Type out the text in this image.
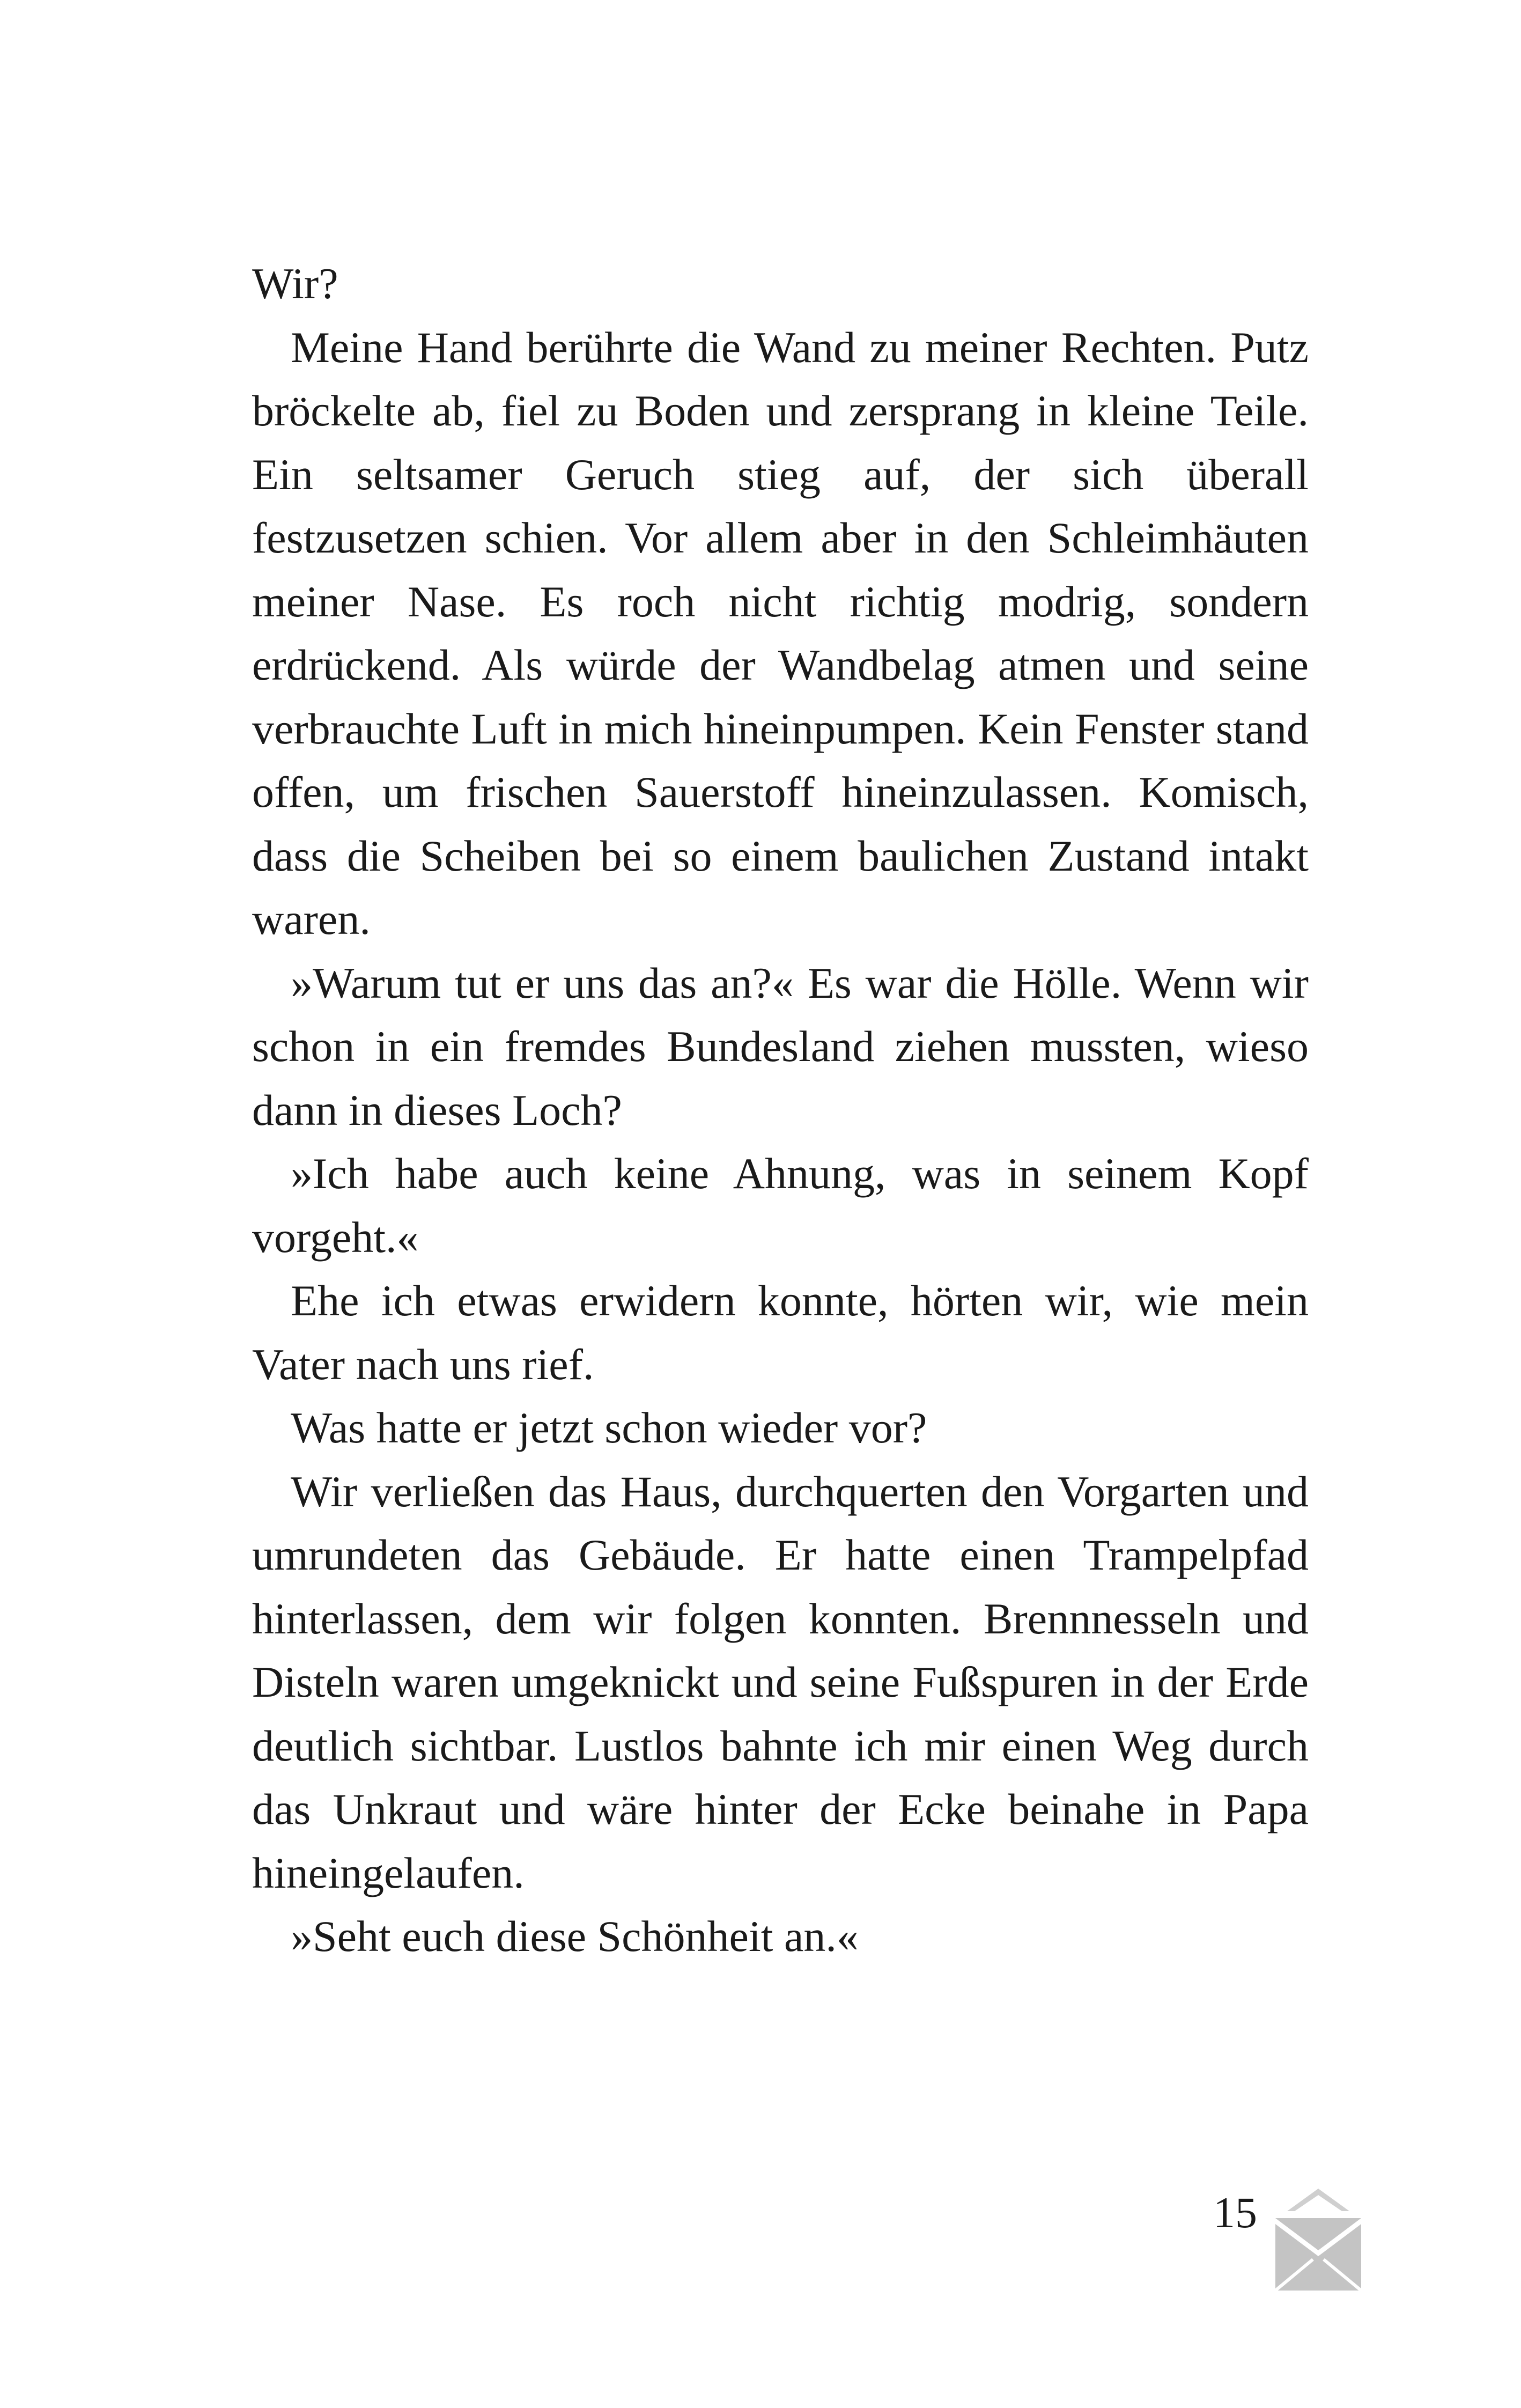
Wir?

Meine Hand berührte die Wand zu meiner Rechten. Putz bröckelte ab, fiel zu Boden und zersprang in kleine Teile. Ein seltsamer Geruch stieg auf, der sich überall festzusetzen schien. Vor allem aber in den Schleimhäuten meiner Nase. Es roch nicht richtig modrig, sondern erdrückend. Als würde der Wandbelag atmen und seine verbrauchte Luft in mich hineinpumpen. Kein Fenster stand offen, um frischen Sauerstoff hineinzulassen. Komisch, dass die Scheiben bei so einem baulichen Zustand intakt waren.

»Warum tut er uns das an?« Es war die Hölle. Wenn wir schon in ein fremdes Bundesland ziehen mussten, wieso dann in dieses Loch?

»Ich habe auch keine Ahnung, was in seinem Kopf vorgeht.«

Ehe ich etwas erwidern konnte, hörten wir, wie mein Vater nach uns rief.

Was hatte er jetzt schon wieder vor?

Wir verließen das Haus, durchquerten den Vorgarten und umrundeten das Gebäude. Er hatte einen Trampelpfad hinterlassen, dem wir folgen konnten. Brennnesseln und Disteln waren umgeknickt und seine Fußspuren in der Erde deutlich sichtbar. Lustlos bahnte ich mir einen Weg durch das Unkraut und wäre hinter der Ecke beinahe in Papa hineingelaufen.

»Seht euch diese Schönheit an.«

15
